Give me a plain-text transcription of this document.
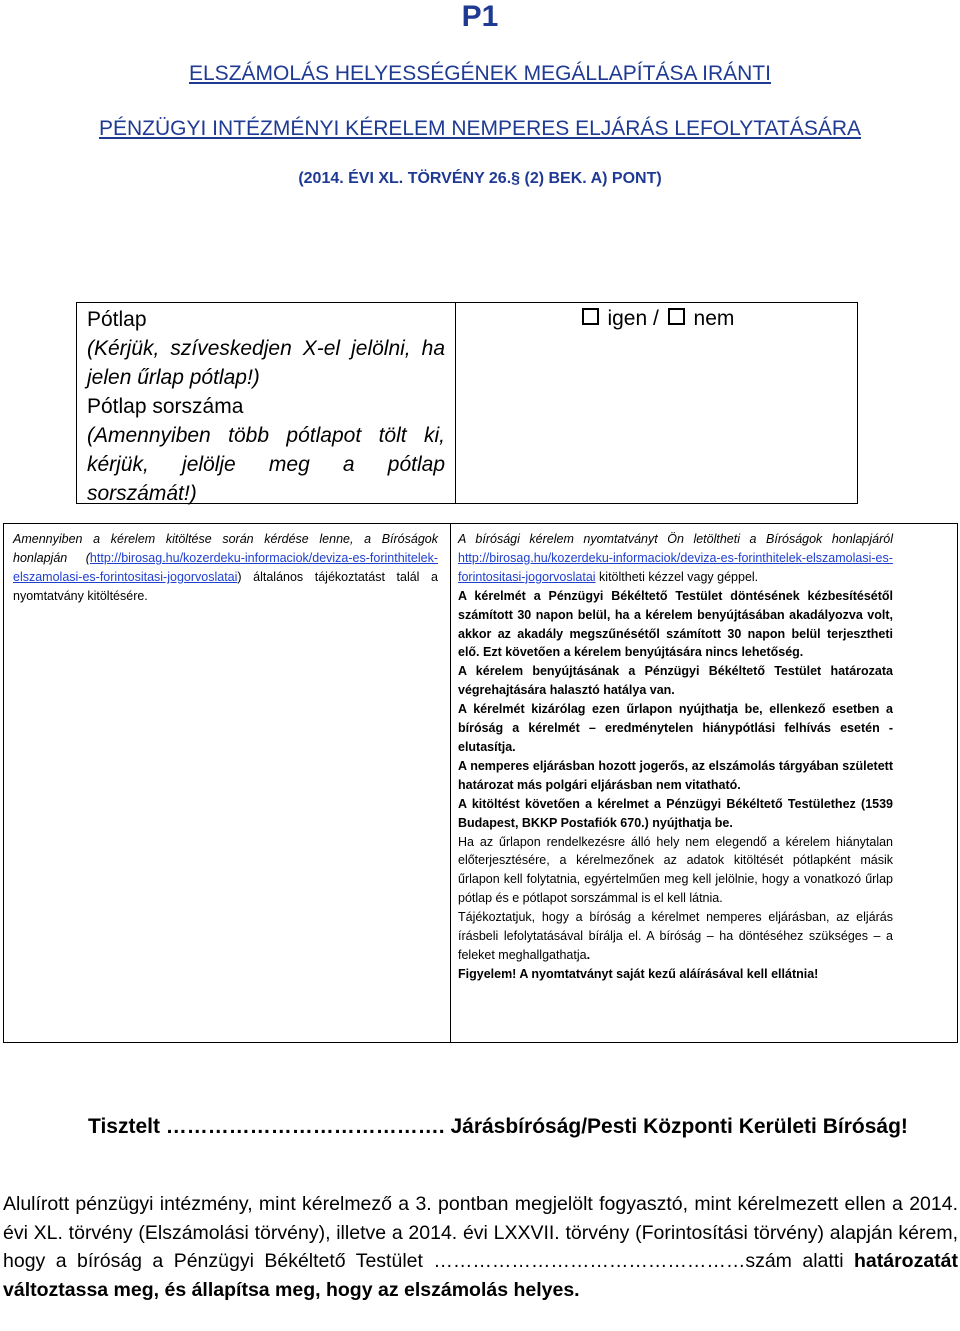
P1
ELSZÁMOLÁS HELYESSÉGÉNEK MEGÁLLAPÍTÁSA IRÁNTI
PÉNZÜGYI INTÉZMÉNYI KÉRELEM NEMPERES ELJÁRÁS LEFOLYTATÁSÁRA
(2014. ÉVI XL. TÖRVÉNY 26.§ (2) BEK. A) PONT)
Pótlap
(Kérjük, szíveskedjen X-el jelölni, ha jelen űrlap pótlap!)
Pótlap sorszáma
(Amennyiben több pótlapot tölt ki, kérjük, jelölje meg a pótlap sorszámát!)
igen / nem

Amennyiben a kérelem kitöltése során kérdése lenne, a Bíróságok honlapján (http://birosag.hu/kozerdeku-informaciok/deviza-es-forinthitelek-elszamolasi-es-forintositasi-jogorvoslatai) általános tájékoztatást talál a nyomtatvány kitöltésére.

A bírósági kérelem nyomtatványt Ön letöltheti a Bíróságok honlapjáról http://birosag.hu/kozerdeku-informaciok/deviza-es-forinthitelek-elszamolasi-es-forintositasi-jogorvoslatai kitöltheti kézzel vagy géppel.

A kérelmét a Pénzügyi Békéltető Testület döntésének kézbesítésétől számított 30 napon belül, ha a kérelem benyújtásában akadályozva volt, akkor az akadály megszűnésétől számított 30 napon belül terjesztheti elő. Ezt követően a kérelem benyújtására nincs lehetőség.

A kérelem benyújtásának a Pénzügyi Békéltető Testület határozata végrehajtására halasztó hatálya van.

A kérelmét kizárólag ezen űrlapon nyújthatja be, ellenkező esetben a bíróság a kérelmét – eredménytelen hiánypótlási felhívás esetén - elutasítja.

A nemperes eljárásban hozott jogerős, az elszámolás tárgyában született határozat más polgári eljárásban nem vitatható.

A kitöltést követően a kérelmet a Pénzügyi Békéltető Testülethez (1539 Budapest, BKKP Postafiók 670.) nyújthatja be.

Ha az űrlapon rendelkezésre álló hely nem elegendő a kérelem hiánytalan előterjesztésére, a kérelmezőnek az adatok kitöltését pótlapként másik űrlapon kell folytatnia, egyértelműen meg kell jelölnie, hogy a vonatkozó űrlap pótlap és e pótlapot sorszámmal is el kell látnia.

Tájékoztatjuk, hogy a bíróság a kérelmet nemperes eljárásban, az eljárás írásbeli lefolytatásával bírálja el. A bíróság – ha döntéséhez szükséges – a feleket meghallgathatja.

Figyelem! A nyomtatványt saját kezű aláírásával kell ellátnia!

Tisztelt …………………………………. Járásbíróság/Pesti Központi Kerületi Bíróság!
Alulírott pénzügyi intézmény, mint kérelmező a 3. pontban megjelölt fogyasztó, mint kérelmezett ellen a 2014. évi XL. törvény (Elszámolási törvény), illetve a 2014. évi LXXVII. törvény (Forintosítási törvény) alapján kérem, hogy a bíróság a Pénzügyi Békéltető Testület …………………………………………szám alatti határozatát változtassa meg, és állapítsa meg, hogy az elszámolás helyes.
